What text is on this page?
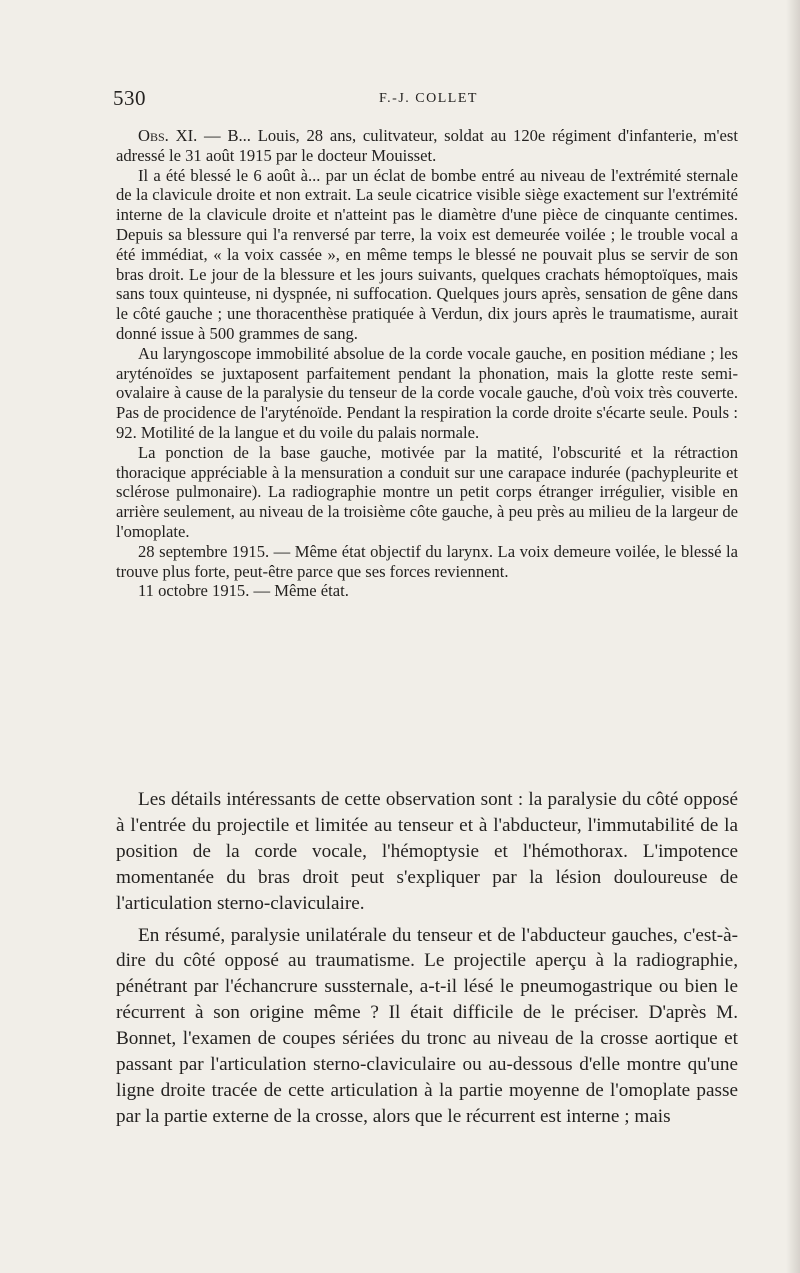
530	F.-J. COLLET

Obs. XI. — B... Louis, 28 ans, culitvateur, soldat au 120e régiment d'infanterie, m'est adressé le 31 août 1915 par le docteur Mouisset.

Il a été blessé le 6 août à... par un éclat de bombe entré au niveau de l'extrémité sternale de la clavicule droite et non extrait. La seule cicatrice visible siège exactement sur l'extrémité interne de la clavicule droite et n'atteint pas le diamètre d'une pièce de cinquante centimes. Depuis sa blessure qui l'a renversé par terre, la voix est demeurée voilée ; le trouble vocal a été immédiat, « la voix cassée », en même temps le blessé ne pouvait plus se servir de son bras droit. Le jour de la blessure et les jours suivants, quelques crachats hémoptoïques, mais sans toux quinteuse, ni dyspnée, ni suffocation. Quelques jours après, sensation de gêne dans le côté gauche ; une thoracenthèse pratiquée à Verdun, dix jours après le traumatisme, aurait donné issue à 500 grammes de sang.

Au laryngoscope immobilité absolue de la corde vocale gauche, en position médiane ; les aryténoïdes se juxtaposent parfaitement pendant la phonation, mais la glotte reste semi-ovalaire à cause de la paralysie du tenseur de la corde vocale gauche, d'où voix très couverte. Pas de procidence de l'aryténoïde. Pendant la respiration la corde droite s'écarte seule. Pouls : 92. Motilité de la langue et du voile du palais normale.

La ponction de la base gauche, motivée par la matité, l'obscurité et la rétraction thoracique appréciable à la mensuration a conduit sur une carapace indurée (pachypleurite et sclérose pulmonaire). La radiographie montre un petit corps étranger irrégulier, visible en arrière seulement, au niveau de la troisième côte gauche, à peu près au milieu de la largeur de l'omoplate.

28 septembre 1915. — Même état objectif du larynx. La voix demeure voilée, le blessé la trouve plus forte, peut-être parce que ses forces reviennent.

11 octobre 1915. — Même état.

Les détails intéressants de cette observation sont : la paralysie du côté opposé à l'entrée du projectile et limitée au tenseur et à l'abducteur, l'immutabilité de la position de la corde vocale, l'hémoptysie et l'hémothorax. L'impotence momentanée du bras droit peut s'expliquer par la lésion douloureuse de l'articulation sterno-claviculaire.

En résumé, paralysie unilatérale du tenseur et de l'abducteur gauches, c'est-à-dire du côté opposé au traumatisme. Le projectile aperçu à la radiographie, pénétrant par l'échancrure sussternale, a-t-il lésé le pneumogastrique ou bien le récurrent à son origine même ? Il était difficile de le préciser. D'après M. Bonnet, l'examen de coupes sériées du tronc au niveau de la crosse aortique et passant par l'articulation sterno-claviculaire ou au-dessous d'elle montre qu'une ligne droite tracée de cette articulation à la partie moyenne de l'omoplate passe par la partie externe de la crosse, alors que le récurrent est interne ; mais
